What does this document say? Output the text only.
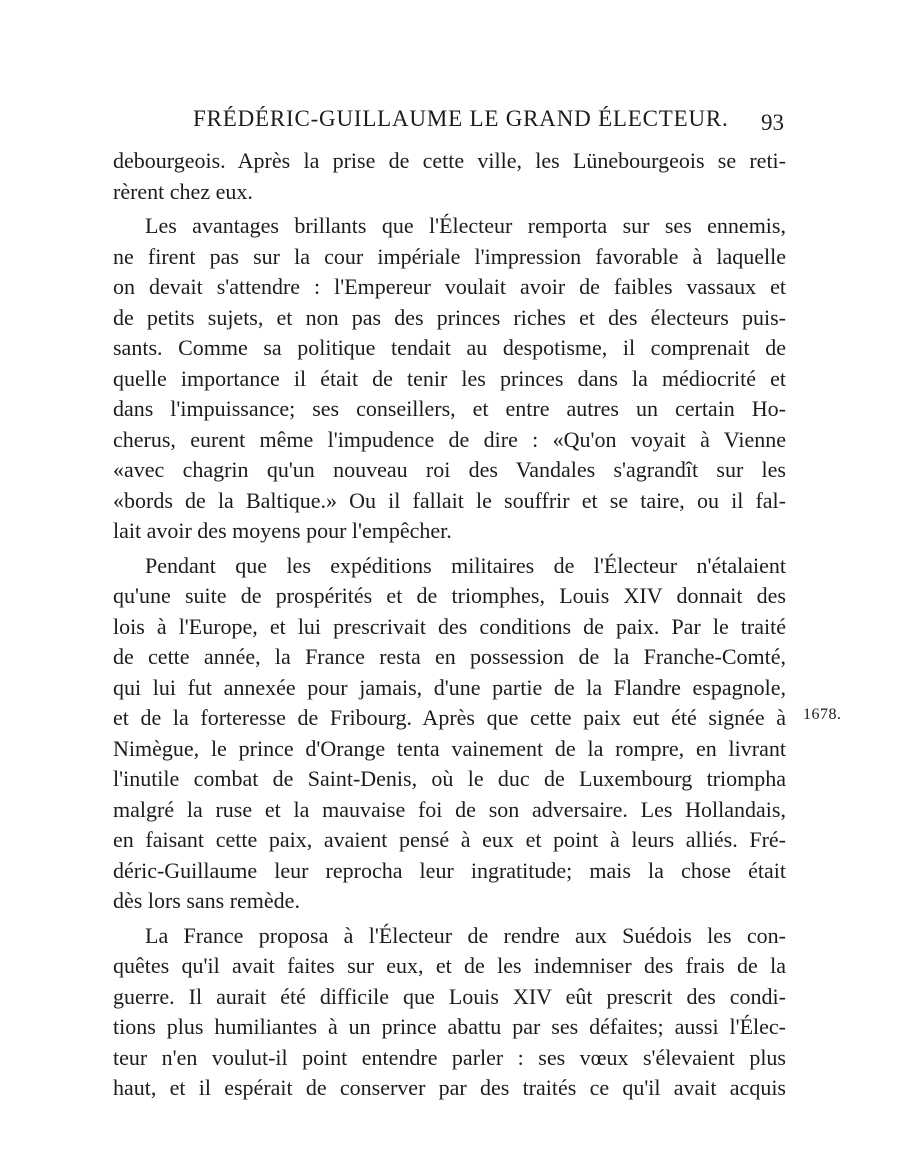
FRÉDÉRIC-GUILLAUME LE GRAND ÉLECTEUR. 93
debourgeois. Après la prise de cette ville, les Lünebourgeois se reti-
rèrent chez eux.
Les avantages brillants que l'Électeur remporta sur ses ennemis,
ne firent pas sur la cour impériale l'impression favorable à laquelle
on devait s'attendre : l'Empereur voulait avoir de faibles vassaux et
de petits sujets, et non pas des princes riches et des électeurs puis-
sants. Comme sa politique tendait au despotisme, il comprenait de
quelle importance il était de tenir les princes dans la médiocrité et
dans l'impuissance; ses conseillers, et entre autres un certain Ho-
cherus, eurent même l'impudence de dire : «Qu'on voyait à Vienne
«avec chagrin qu'un nouveau roi des Vandales s'agrandît sur les
«bords de la Baltique.» Ou il fallait le souffrir et se taire, ou il fal-
lait avoir des moyens pour l'empêcher.
Pendant que les expéditions militaires de l'Électeur n'étalaient
qu'une suite de prospérités et de triomphes, Louis XIV donnait des
lois à l'Europe, et lui prescrivait des conditions de paix. Par le traité
de cette année, la France resta en possession de la Franche-Comté,
qui lui fut annexée pour jamais, d'une partie de la Flandre espagnole,
et de la forteresse de Fribourg. Après que cette paix eut été signée à
Nimègue, le prince d'Orange tenta vainement de la rompre, en livrant
l'inutile combat de Saint-Denis, où le duc de Luxembourg triompha
malgré la ruse et la mauvaise foi de son adversaire. Les Hollandais,
en faisant cette paix, avaient pensé à eux et point à leurs alliés. Fré-
déric-Guillaume leur reprocha leur ingratitude; mais la chose était
dès lors sans remède.
La France proposa à l'Électeur de rendre aux Suédois les con-
quêtes qu'il avait faites sur eux, et de les indemniser des frais de la
guerre. Il aurait été difficile que Louis XIV eût prescrit des condi-
tions plus humiliantes à un prince abattu par ses défaites; aussi l'Élec-
teur n'en voulut-il point entendre parler : ses vœux s'élevaient plus
haut, et il espérait de conserver par des traités ce qu'il avait acquis
1678.
